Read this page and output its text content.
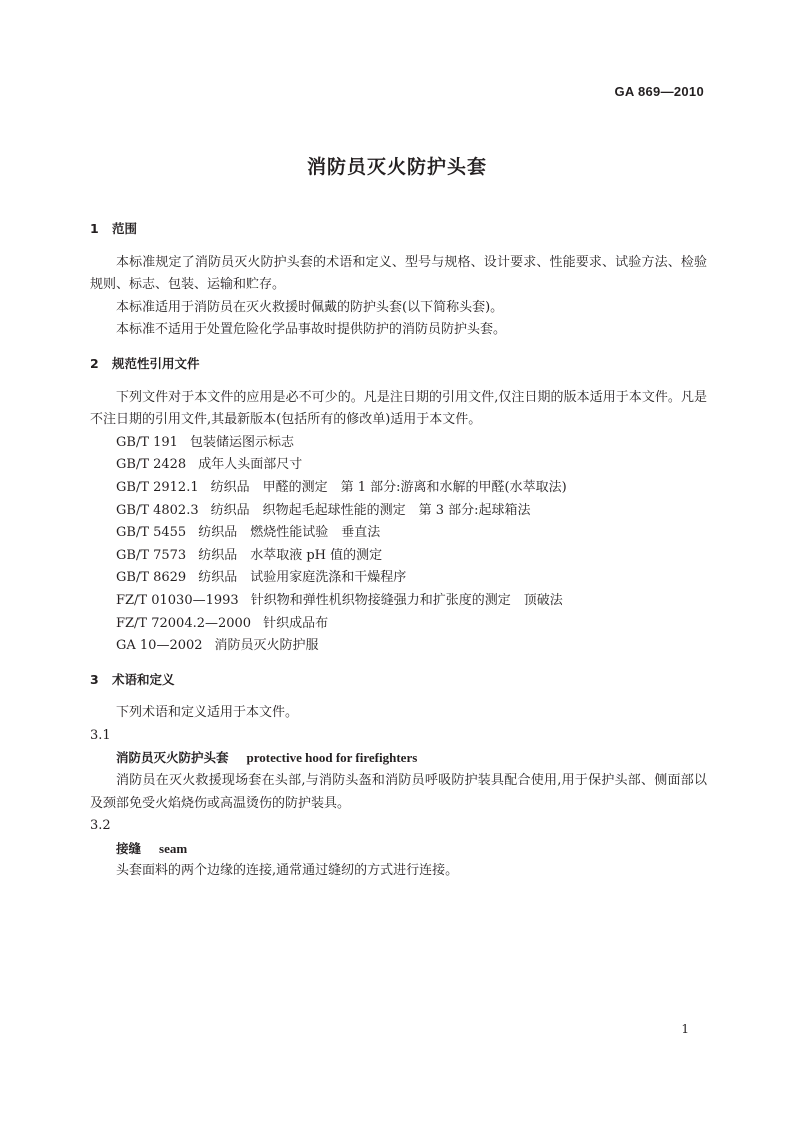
GA 869—2010
消防员灭火防护头套
1 范围
本标准规定了消防员灭火防护头套的术语和定义、型号与规格、设计要求、性能要求、试验方法、检验规则、标志、包装、运输和贮存。
本标准适用于消防员在灭火救援时佩戴的防护头套(以下简称头套)。
本标准不适用于处置危险化学品事故时提供防护的消防员防护头套。
2 规范性引用文件
下列文件对于本文件的应用是必不可少的。凡是注日期的引用文件,仅注日期的版本适用于本文件。凡是不注日期的引用文件,其最新版本(包括所有的修改单)适用于本文件。
GB/T 191 包装储运图示标志
GB/T 2428 成年人头面部尺寸
GB/T 2912.1 纺织品　甲醛的测定　第 1 部分:游离和水解的甲醛(水萃取法)
GB/T 4802.3 纺织品　织物起毛起球性能的测定　第 3 部分:起球箱法
GB/T 5455 纺织品　燃烧性能试验　垂直法
GB/T 7573 纺织品　水萃取液 pH 值的测定
GB/T 8629 纺织品　试验用家庭洗涤和干燥程序
FZ/T 01030—1993 针织物和弹性机织物接缝强力和扩张度的测定　顶破法
FZ/T 72004.2—2000 针织成品布
GA 10—2002 消防员灭火防护服
3 术语和定义
下列术语和定义适用于本文件。
3.1
消防员灭火防护头套 protective hood for firefighters
消防员在灭火救援现场套在头部,与消防头盔和消防员呼吸防护装具配合使用,用于保护头部、侧面部以及颈部免受火焰烧伤或高温烫伤的防护装具。
3.2
接缝 seam
头套面料的两个边缘的连接,通常通过缝纫的方式进行连接。
1
